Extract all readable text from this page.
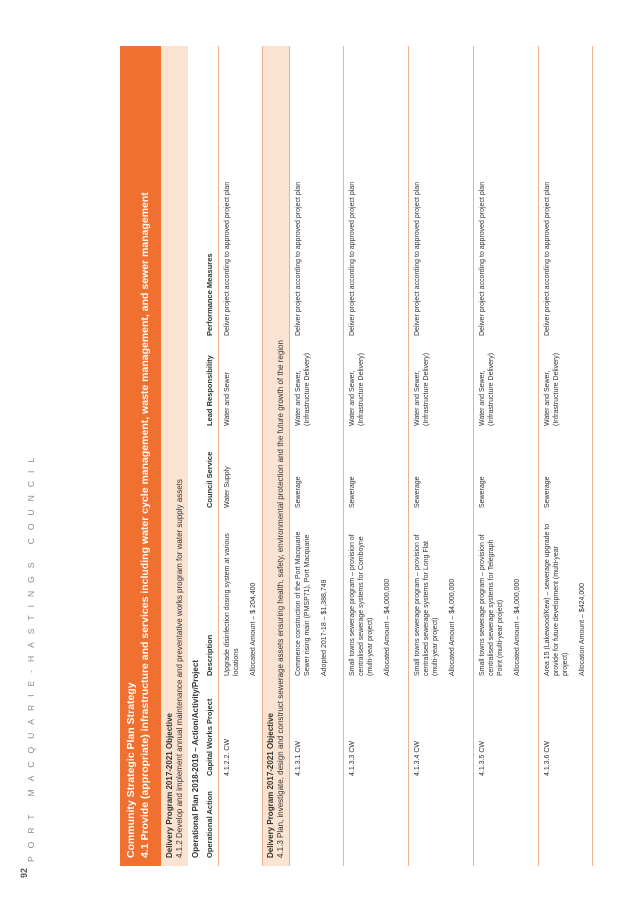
92
PORT MACQUARIE-HASTINGS COUNCIL	Community Strategic Plan Strategy 4.1 Provide (appropriate) infrastructure and services including water cycle management, waste management, and sewer management Delivery Program 2017-2021 Objective 4.1.2 Develop and implement annual maintenance and preventative works program for water supply assets Operational Plan 2018-2019 – Action/Activity/Project Operational Action	Capital Works Project	Description	Council Service	Lead Responsibility	Performance Measures
	4.1.2.2. CW	Upgrade disinfection dosing system at various locations Allocated Amount – $ 204,400	Water Supply	Water and Sewer	Deliver project according to approved project plan

Delivery Program 2017-2021 Objective 4.1.3 Plan, investigate, design and construct sewerage assets ensuring health, safety, environmental protection and the future growth of the region					

	4.1.3.1 CW	Commence construction of the Port Macquarie Sewer rising main (PMSP71), Port Macquarie Adopted 2017-18 – $1,388,749	Sewerage	Water and Sewer, (Infrastructure Delivery)	Deliver project according to approved project plan
	4.1.3.3 CW	Small towns sewerage program – provision of centralised sewerage systems for Comboyne (multi-year project) Allocated Amount – $4,000,000	Sewerage	Water and Sewer, (Infrastructure Delivery)	Deliver project according to approved project plan
	4.1.3.4 CW	Small towns sewerage program – provision of centralised sewerage systems for Long Flat (multi-year project) Allocated Amount – $4,000,000	Sewerage	Water and Sewer, (Infrastructure Delivery)	Deliver project according to approved project plan
	4.1.3.5 CW	Small towns sewerage program – provision of centralised sewerage systems for Telegraph Point (multi-year project) Allocated Amount – $4,000,000	Sewerage	Water and Sewer, (Infrastructure Delivery)	Deliver project according to approved project plan
	4.1.3.6 CW	Area 15 (Lakewood/Kew) – sewerage upgrade to provide for future development (multi-year project) Allocation Amount – $424,000	Sewerage	Water and Sewer, (Infrastructure Delivery)	Deliver project according to approved project plan
